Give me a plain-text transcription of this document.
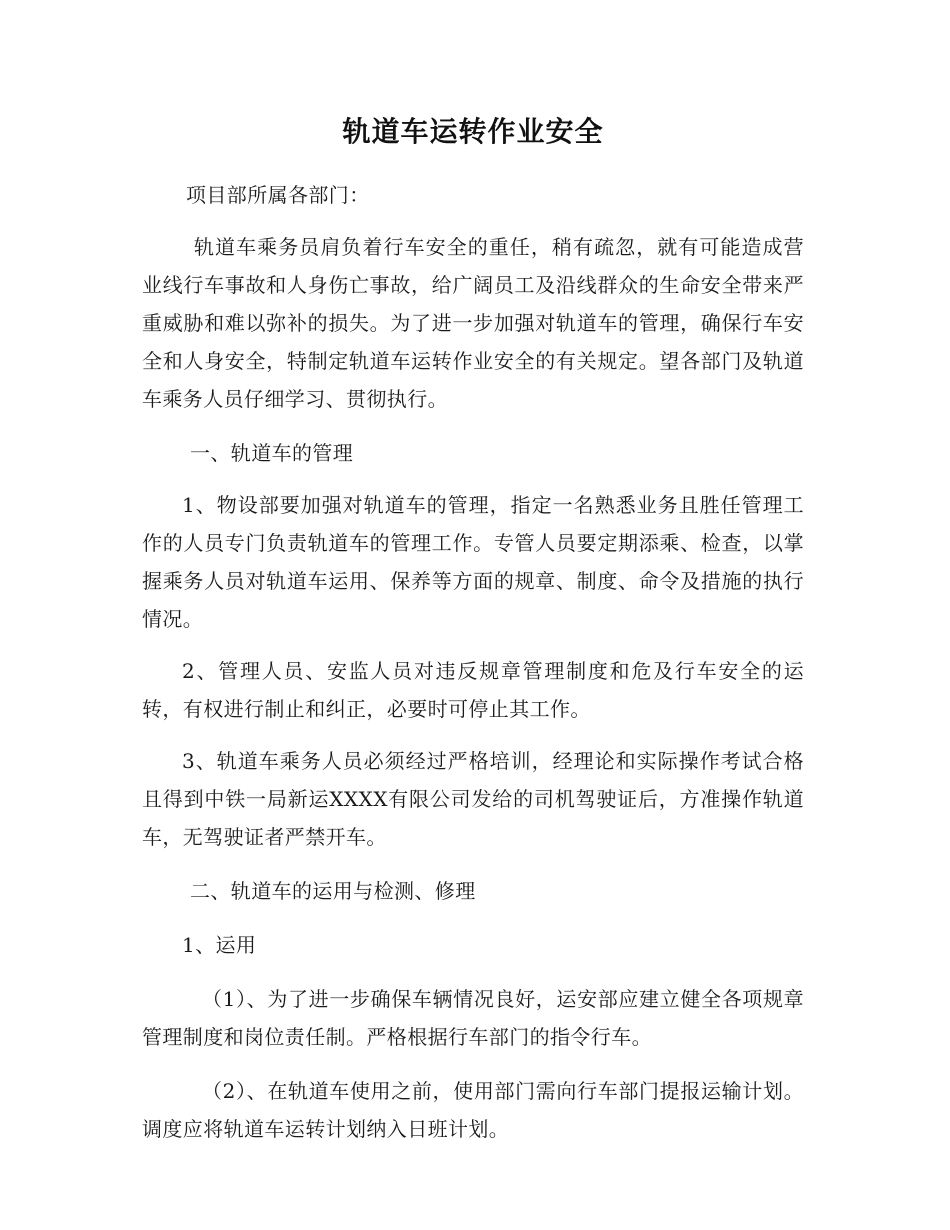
轨道车运转作业安全

项目部所属各部门：

轨道车乘务员肩负着行车安全的重任，稍有疏忽，就有可能造成营业线行车事故和人身伤亡事故，给广阔员工及沿线群众的生命安全带来严重威胁和难以弥补的损失。为了进一步加强对轨道车的管理，确保行车安全和人身安全，特制定轨道车运转作业安全的有关规定。望各部门及轨道车乘务人员仔细学习、贯彻执行。

一、轨道车的管理

1、物设部要加强对轨道车的管理，指定一名熟悉业务且胜任管理工作的人员专门负责轨道车的管理工作。专管人员要定期添乘、检查，以掌握乘务人员对轨道车运用、保养等方面的规章、制度、命令及措施的执行情况。

2、管理人员、安监人员对违反规章管理制度和危及行车安全的运转，有权进行制止和纠正，必要时可停止其工作。

3、轨道车乘务人员必须经过严格培训，经理论和实际操作考试合格且得到中铁一局新运XXXX有限公司发给的司机驾驶证后，方准操作轨道车，无驾驶证者严禁开车。

二、轨道车的运用与检测、修理

1、运用

（1）、为了进一步确保车辆情况良好，运安部应建立健全各项规章管理制度和岗位责任制。严格根据行车部门的指令行车。

（2）、在轨道车使用之前，使用部门需向行车部门提报运输计划。调度应将轨道车运转计划纳入日班计划。
